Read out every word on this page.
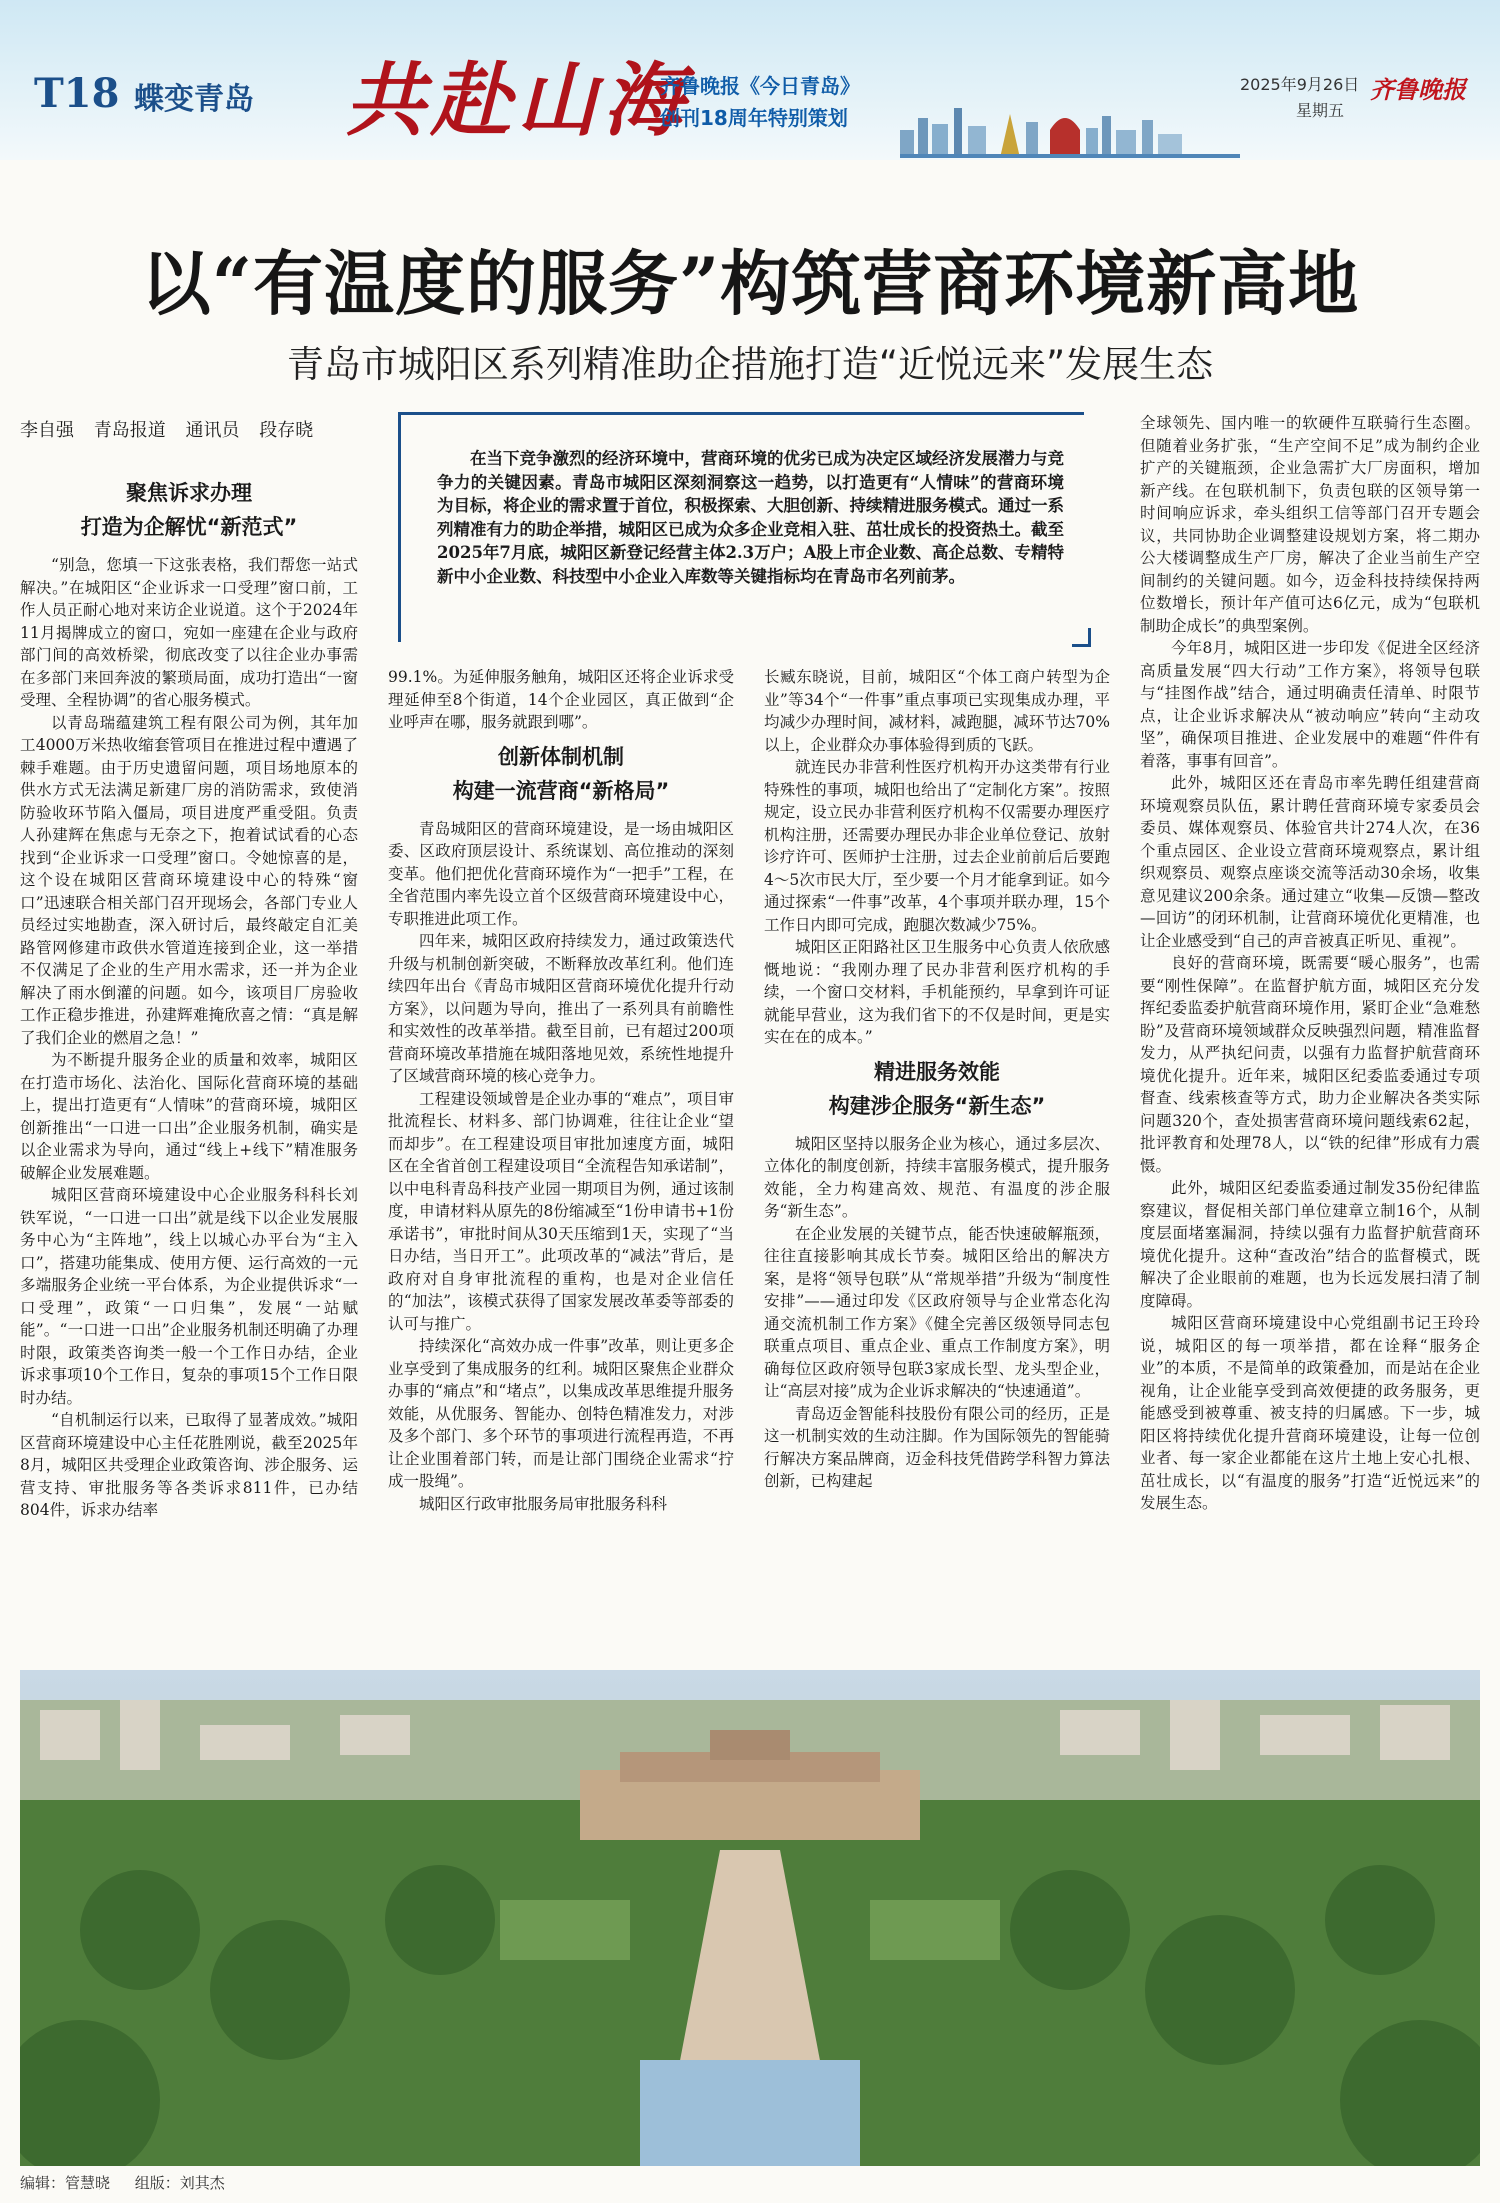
T18 蝶变青岛 共赴山海
齐鲁晚报《今日青岛》
创刊18周年特别策划
2025年9月26日
星期五
齐鲁晚报
以“有温度的服务”构筑营商环境新高地
青岛市城阳区系列精准助企措施打造“近悦远来”发展生态
李自强 青岛报道 通讯员 段存晓

在当下竞争激烈的经济环境中，营商环境的优劣已成为决定区域经济发展潜力与竞争力的关键因素。青岛市城阳区深刻洞察这一趋势，以打造更有“人情味”的营商环境为目标，将企业的需求置于首位，积极探索、大胆创新、持续精进服务模式。通过一系列精准有力的助企举措，城阳区已成为众多企业竞相入驻、茁壮成长的投资热土。截至2025年7月底，城阳区新登记经营主体2.3万户；A股上市企业数、高企总数、专精特新中小企业数、科技型中小企业入库数等关键指标均在青岛市名列前茅。

聚焦诉求办理
打造为企解忧“新范式”

“别急，您填一下这张表格，我们帮您一站式解决。”在城阳区“企业诉求一口受理”窗口前，工作人员正耐心地对来访企业说道。这个于2024年11月揭牌成立的窗口，宛如一座建在企业与政府部门间的高效桥梁，彻底改变了以往企业办事需在多部门来回奔波的繁琐局面，成功打造出“一窗受理、全程协调”的省心服务模式。

以青岛瑞蕴建筑工程有限公司为例，其年加工4000万米热收缩套管项目在推进过程中遭遇了棘手难题。由于历史遗留问题，项目场地原本的供水方式无法满足新建厂房的消防需求，致使消防验收环节陷入僵局，项目进度严重受阻。负责人孙建辉在焦虑与无奈之下，抱着试试看的心态找到“企业诉求一口受理”窗口。令她惊喜的是，这个设在城阳区营商环境建设中心的特殊“窗口”迅速联合相关部门召开现场会，各部门专业人员经过实地勘查，深入研讨后，最终敲定自汇美路管网修建市政供水管道连接到企业，这一举措不仅满足了企业的生产用水需求，还一并为企业解决了雨水倒灌的问题。如今，该项目厂房验收工作正稳步推进，孙建辉难掩欣喜之情：“真是解了我们企业的燃眉之急！”

为不断提升服务企业的质量和效率，城阳区在打造市场化、法治化、国际化营商环境的基础上，提出打造更有“人情味”的营商环境，城阳区创新推出“一口进一口出”企业服务机制，确实是以企业需求为导向，通过“线上+线下”精准服务破解企业发展难题。

城阳区营商环境建设中心企业服务科科长刘铁军说，“一口进一口出”就是线下以企业发展服务中心为“主阵地”，线上以城心办平台为“主入口”，搭建功能集成、使用方便、运行高效的一元多端服务企业统一平台体系，为企业提供诉求“一口受理”，政策“一口归集”，发展“一站赋能”。“一口进一口出”企业服务机制还明确了办理时限，政策类咨询类一般一个工作日办结，企业诉求事项10个工作日，复杂的事项15个工作日限时办结。

“自机制运行以来，已取得了显著成效。”城阳区营商环境建设中心主任花胜刚说，截至2025年8月，城阳区共受理企业政策咨询、涉企服务、运营支持、审批服务等各类诉求811件，已办结804件，诉求办结率

99.1%。为延伸服务触角，城阳区还将企业诉求受理延伸至8个街道，14个企业园区，真正做到“企业呼声在哪，服务就跟到哪”。

创新体制机制
构建一流营商“新格局”

青岛城阳区的营商环境建设，是一场由城阳区委、区政府顶层设计、系统谋划、高位推动的深刻变革。他们把优化营商环境作为“一把手”工程，在全省范围内率先设立首个区级营商环境建设中心，专职推进此项工作。

四年来，城阳区政府持续发力，通过政策迭代升级与机制创新突破，不断释放改革红利。他们连续四年出台《青岛市城阳区营商环境优化提升行动方案》，以问题为导向，推出了一系列具有前瞻性和实效性的改革举措。截至目前，已有超过200项营商环境改革措施在城阳落地见效，系统性地提升了区域营商环境的核心竞争力。

工程建设领域曾是企业办事的“难点”，项目审批流程长、材料多、部门协调难，往往让企业“望而却步”。在工程建设项目审批加速度方面，城阳区在全省首创工程建设项目“全流程告知承诺制”，以中电科青岛科技产业园一期项目为例，通过该制度，申请材料从原先的8份缩减至“1份申请书+1份承诺书”，审批时间从30天压缩到1天，实现了“当日办结，当日开工”。此项改革的“减法”背后，是政府对自身审批流程的重构，也是对企业信任的“加法”，该模式获得了国家发展改革委等部委的认可与推广。

持续深化“高效办成一件事”改革，则让更多企业享受到了集成服务的红利。城阳区聚焦企业群众办事的“痛点”和“堵点”，以集成改革思维提升服务效能，从优服务、智能办、创特色精准发力，对涉及多个部门、多个环节的事项进行流程再造，不再让企业围着部门转，而是让部门围绕企业需求“拧成一股绳”。

城阳区行政审批服务局审批服务科科

长臧东晓说，目前，城阳区“个体工商户转型为企业”等34个“一件事”重点事项已实现集成办理，平均减少办理时间，减材料，减跑腿，减环节达70%以上，企业群众办事体验得到质的飞跃。

就连民办非营利性医疗机构开办这类带有行业特殊性的事项，城阳也给出了“定制化方案”。按照规定，设立民办非营利医疗机构不仅需要办理医疗机构注册，还需要办理民办非企业单位登记、放射诊疗许可、医师护士注册，过去企业前前后后要跑4～5次市民大厅，至少要一个月才能拿到证。如今通过探索“一件事”改革，4个事项并联办理，15个工作日内即可完成，跑腿次数减少75%。

城阳区正阳路社区卫生服务中心负责人依欣感慨地说：“我刚办理了民办非营利医疗机构的手续，一个窗口交材料，手机能预约，早拿到许可证就能早营业，这为我们省下的不仅是时间，更是实实在在的成本。”

精进服务效能
构建涉企服务“新生态”

城阳区坚持以服务企业为核心，通过多层次、立体化的制度创新，持续丰富服务模式，提升服务效能，全力构建高效、规范、有温度的涉企服务“新生态”。

在企业发展的关键节点，能否快速破解瓶颈，往往直接影响其成长节奏。城阳区给出的解决方案，是将“领导包联”从“常规举措”升级为“制度性安排”——通过印发《区政府领导与企业常态化沟通交流机制工作方案》《健全完善区级领导同志包联重点项目、重点企业、重点工作制度方案》，明确每位区政府领导包联3家成长型、龙头型企业，让“高层对接”成为企业诉求解决的“快速通道”。

青岛迈金智能科技股份有限公司的经历，正是这一机制实效的生动注脚。作为国际领先的智能骑行解决方案品牌商，迈金科技凭借跨学科智力算法创新，已构建起

全球领先、国内唯一的软硬件互联骑行生态圈。但随着业务扩张，“生产空间不足”成为制约企业扩产的关键瓶颈，企业急需扩大厂房面积，增加新产线。在包联机制下，负责包联的区领导第一时间响应诉求，牵头组织工信等部门召开专题会议，共同协助企业调整建设规划方案，将二期办公大楼调整成生产厂房，解决了企业当前生产空间制约的关键问题。如今，迈金科技持续保持两位数增长，预计年产值可达6亿元，成为“包联机制助企成长”的典型案例。

今年8月，城阳区进一步印发《促进全区经济高质量发展“四大行动”工作方案》，将领导包联与“挂图作战”结合，通过明确责任清单、时限节点，让企业诉求解决从“被动响应”转向“主动攻坚”，确保项目推进、企业发展中的难题“件件有着落，事事有回音”。

此外，城阳区还在青岛市率先聘任组建营商环境观察员队伍，累计聘任营商环境专家委员会委员、媒体观察员、体验官共计274人次，在36个重点园区、企业设立营商环境观察点，累计组织观察员、观察点座谈交流等活动30余场，收集意见建议200余条。通过建立“收集—反馈—整改—回访”的闭环机制，让营商环境优化更精准，也让企业感受到“自己的声音被真正听见、重视”。

良好的营商环境，既需要“暖心服务”，也需要“刚性保障”。在监督护航方面，城阳区充分发挥纪委监委护航营商环境作用，紧盯企业“急难愁盼”及营商环境领域群众反映强烈问题，精准监督发力，从严执纪问责，以强有力监督护航营商环境优化提升。近年来，城阳区纪委监委通过专项督查、线索核查等方式，助力企业解决各类实际问题320个，查处损害营商环境问题线索62起，批评教育和处理78人，以“铁的纪律”形成有力震慑。

此外，城阳区纪委监委通过制发35份纪律监察建议，督促相关部门单位建章立制16个，从制度层面堵塞漏洞，持续以强有力监督护航营商环境优化提升。这种“查改治”结合的监督模式，既解决了企业眼前的难题，也为长远发展扫清了制度障碍。

城阳区营商环境建设中心党组副书记王玲玲说，城阳区的每一项举措，都在诠释“服务企业”的本质，不是简单的政策叠加，而是站在企业视角，让企业能享受到高效便捷的政务服务，更能感受到被尊重、被支持的归属感。下一步，城阳区将持续优化提升营商环境建设，让每一位创业者、每一家企业都能在这片土地上安心扎根、茁壮成长，以“有温度的服务”打造“近悦远来”的发展生态。

编辑：管慧晓 组版：刘其杰
